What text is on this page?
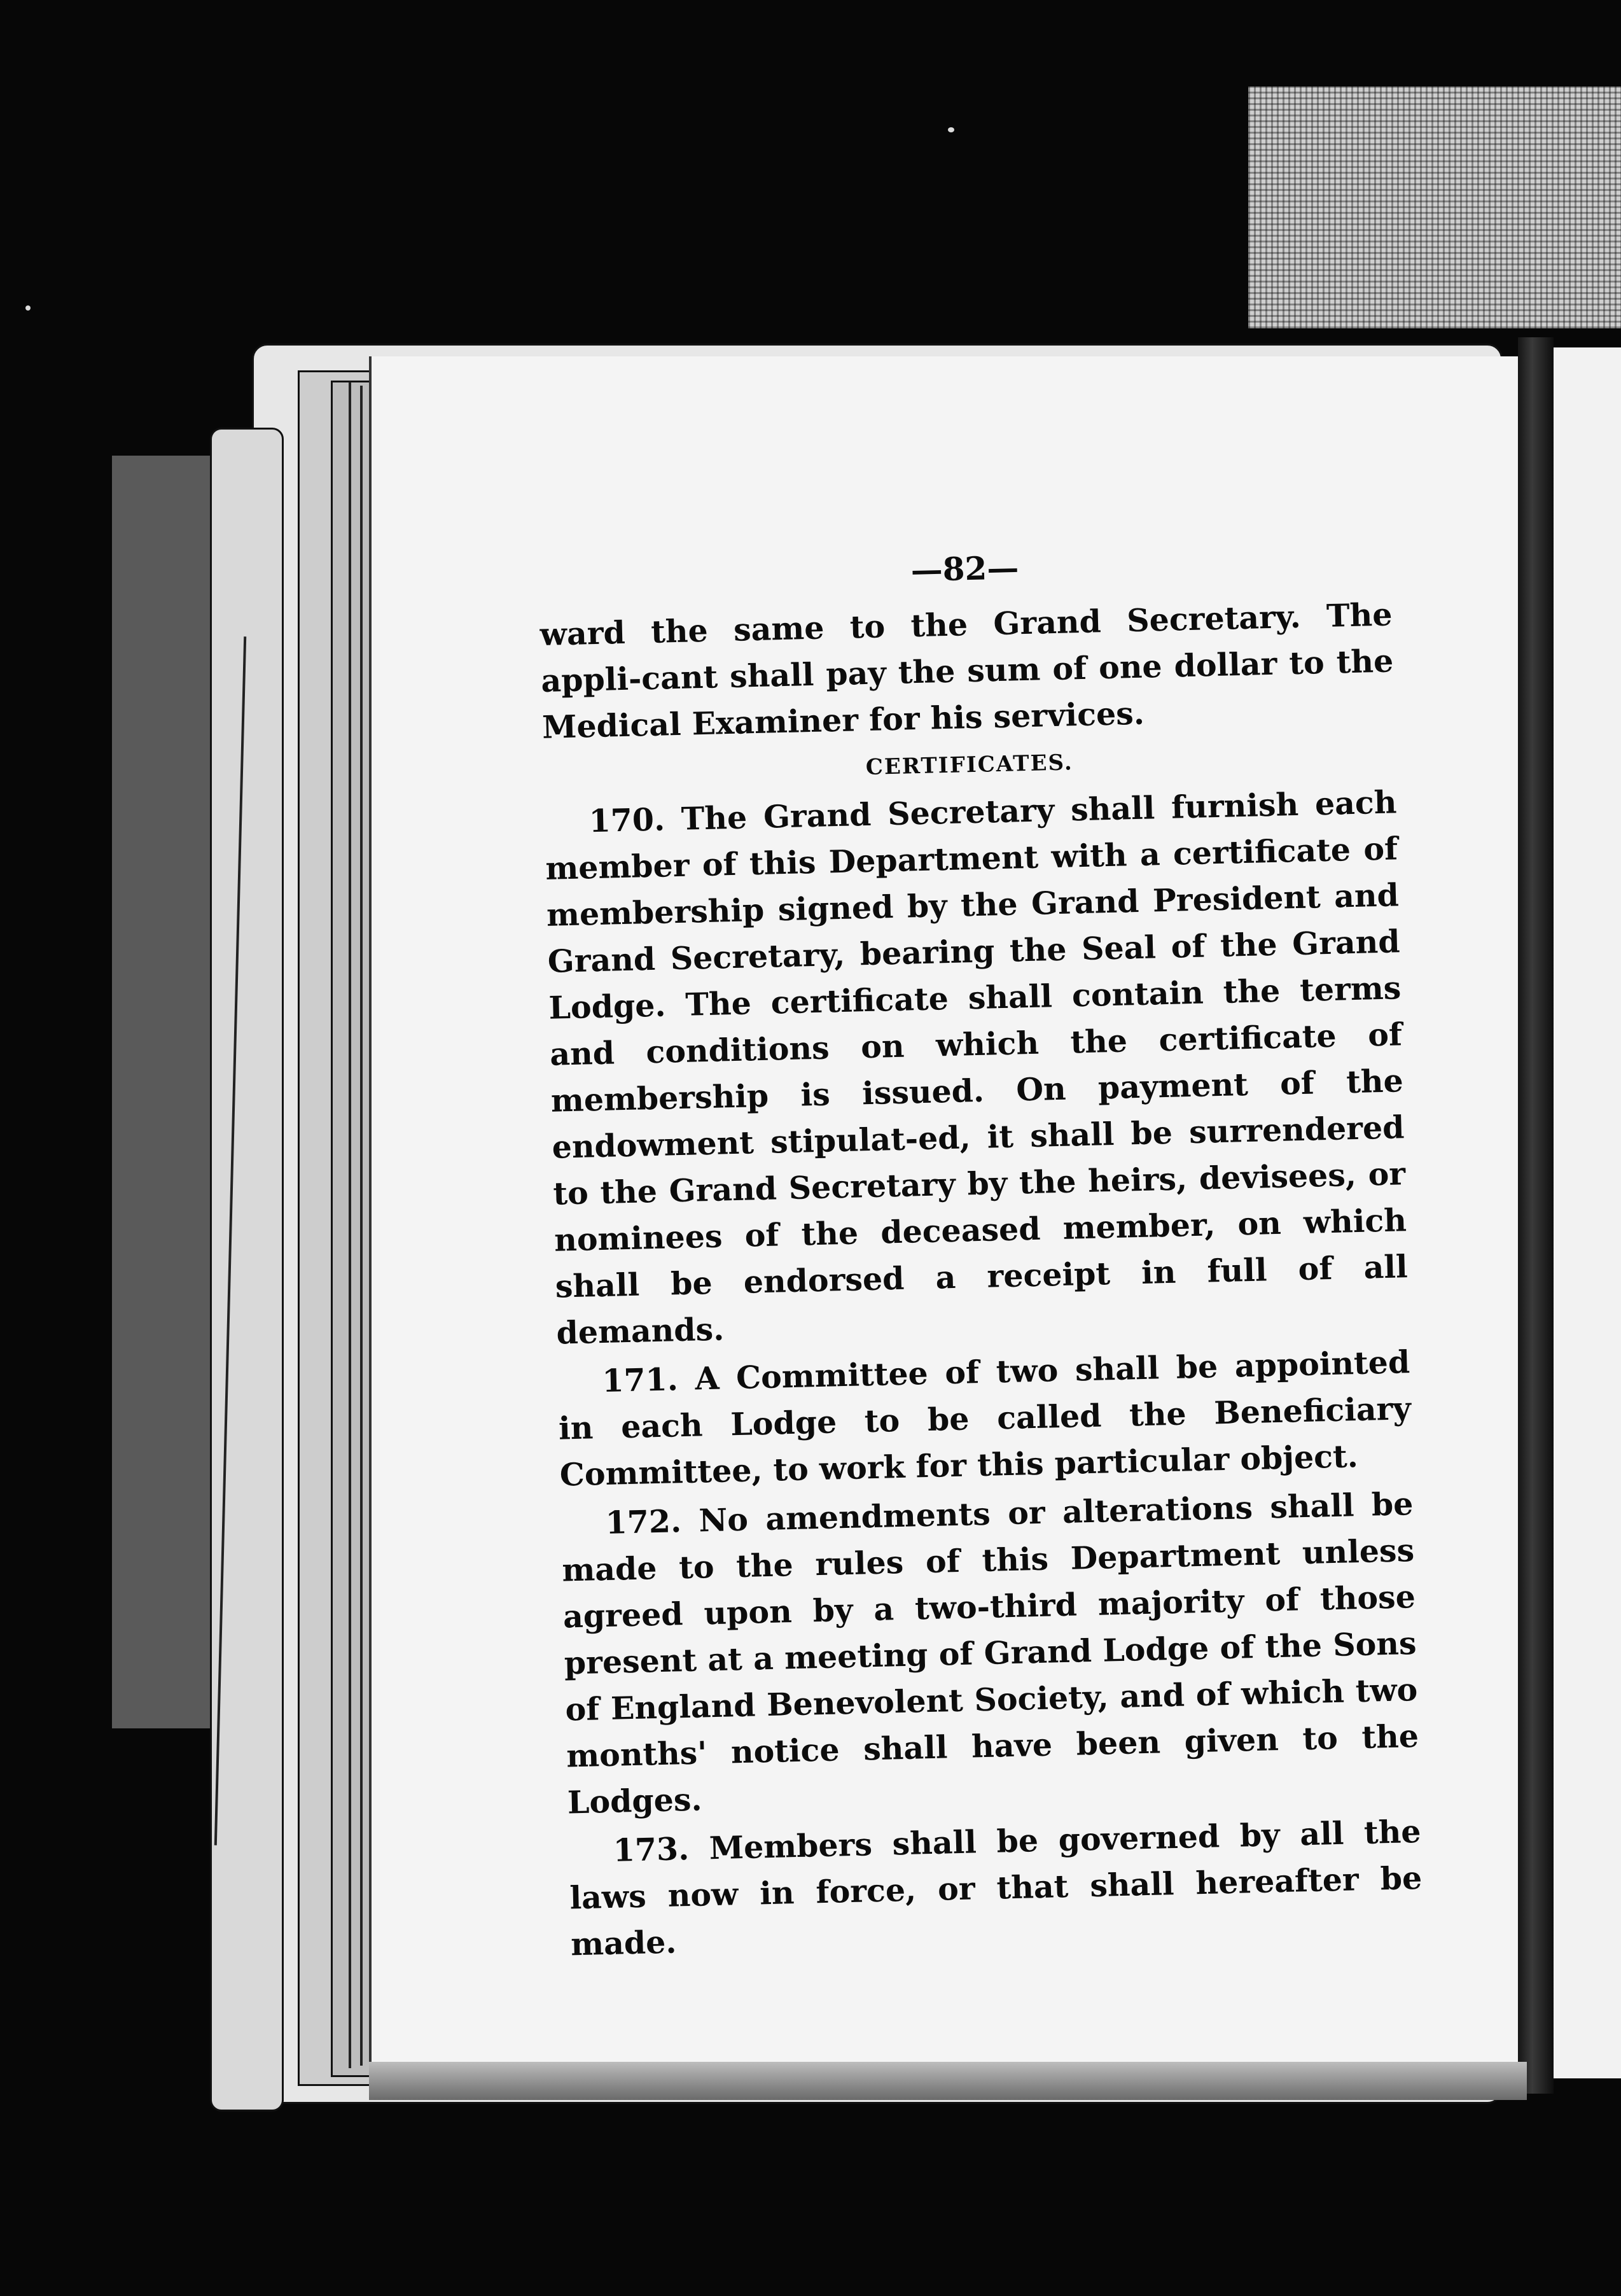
—82—

ward the same to the Grand Secretary. The appli-cant shall pay the sum of one dollar to the Medical Examiner for his services.

CERTIFICATES.

170. The Grand Secretary shall furnish each member of this Department with a certificate of membership signed by the Grand President and Grand Secretary, bearing the Seal of the Grand Lodge. The certificate shall contain the terms and conditions on which the certificate of membership is issued. On payment of the endowment stipulat-ed, it shall be surrendered to the Grand Secretary by the heirs, devisees, or nominees of the deceased member, on which shall be endorsed a receipt in full of all demands.

171. A Committee of two shall be appointed in each Lodge to be called the Beneficiary Committee, to work for this particular object.

172. No amendments or alterations shall be made to the rules of this Department unless agreed upon by a two-third majority of those present at a meeting of Grand Lodge of the Sons of England Benevolent Society, and of which two months' notice shall have been given to the Lodges.

173. Members shall be governed by all the laws now in force, or that shall hereafter be made.
